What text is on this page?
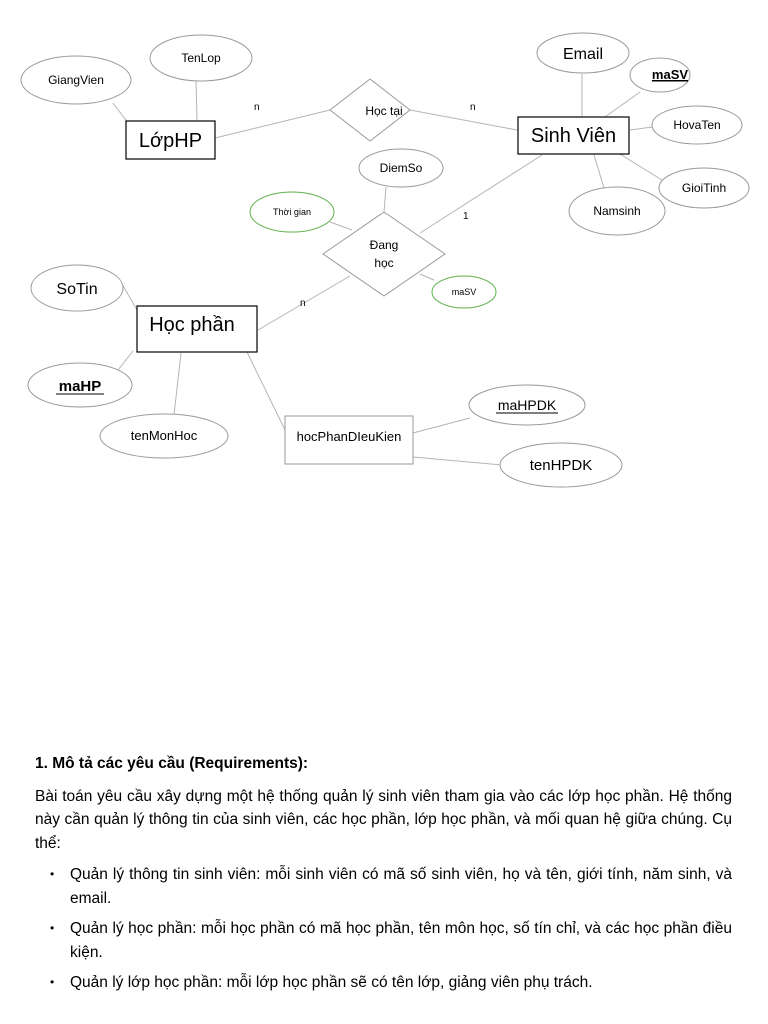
LớpHP	Sinh Viên
Học phần
hocPhanDIeuKien
Học tại
Đang
học
TenLop
GiangVien
Email
maSV
HovaTen
GioiTinh
Namsinh
DiemSo
Thời gian
maSV
SoTin
maHP
tenMonHoc
maHPDK
tenHPDK
n	n
1
n
1. Mô tả các yêu cầu (Requirements):

Bài toán yêu cầu xây dựng một hệ thống quản lý sinh viên tham gia vào các lớp học phần. Hệ thống này cần quản lý thông tin của sinh viên, các học phần, lớp học phần, và mối quan hệ giữa chúng. Cụ thể:

• Quản lý thông tin sinh viên: mỗi sinh viên có mã số sinh viên, họ và tên, giới tính, năm sinh, và email.
• Quản lý học phần: mỗi học phần có mã học phần, tên môn học, số tín chỉ, và các học phần điều kiện.
• Quản lý lớp học phần: mỗi lớp học phần sẽ có tên lớp, giảng viên phụ trách.
